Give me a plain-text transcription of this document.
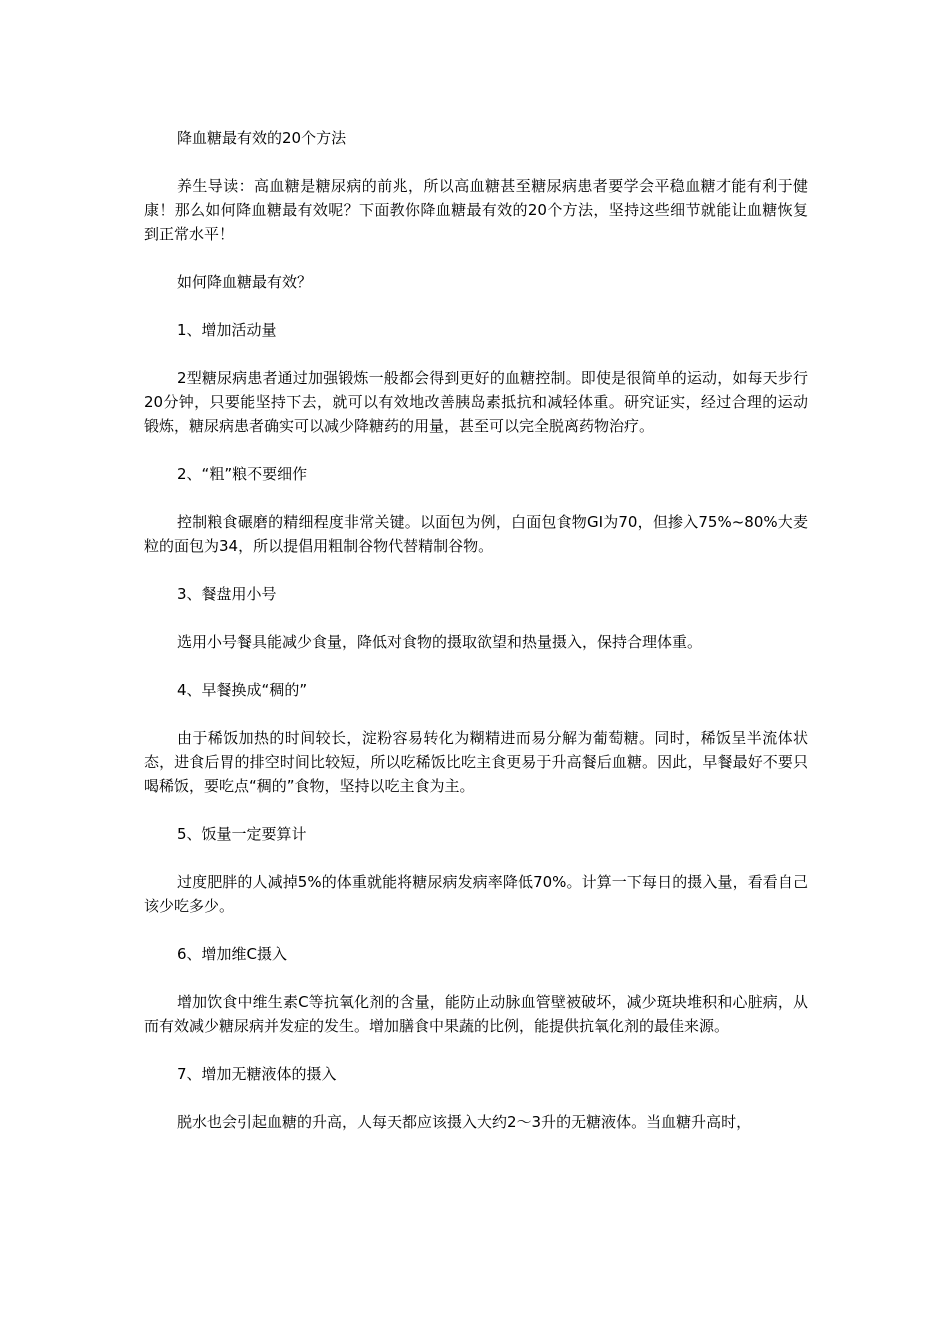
降血糖最有效的20个方法

养生导读：高血糖是糖尿病的前兆，所以高血糖甚至糖尿病患者要学会平稳血糖才能有利于健康！那么如何降血糖最有效呢？下面教你降血糖最有效的20个方法，坚持这些细节就能让血糖恢复到正常水平！

如何降血糖最有效？

1、增加活动量

2型糖尿病患者通过加强锻炼一般都会得到更好的血糖控制。即使是很简单的运动，如每天步行20分钟，只要能坚持下去，就可以有效地改善胰岛素抵抗和减轻体重。研究证实，经过合理的运动锻炼，糖尿病患者确实可以减少降糖药的用量，甚至可以完全脱离药物治疗。

2、“粗”粮不要细作

控制粮食碾磨的精细程度非常关键。以面包为例，白面包食物GI为70，但掺入75%~80%大麦粒的面包为34，所以提倡用粗制谷物代替精制谷物。

3、餐盘用小号

选用小号餐具能减少食量，降低对食物的摄取欲望和热量摄入，保持合理体重。

4、早餐换成“稠的”

由于稀饭加热的时间较长，淀粉容易转化为糊精进而易分解为葡萄糖。同时，稀饭呈半流体状态，进食后胃的排空时间比较短，所以吃稀饭比吃主食更易于升高餐后血糖。因此，早餐最好不要只喝稀饭，要吃点“稠的”食物，坚持以吃主食为主。

5、饭量一定要算计

过度肥胖的人减掉5%的体重就能将糖尿病发病率降低70%。计算一下每日的摄入量，看看自己该少吃多少。

6、增加维C摄入

增加饮食中维生素C等抗氧化剂的含量，能防止动脉血管壁被破坏，减少斑块堆积和心脏病，从而有效减少糖尿病并发症的发生。增加膳食中果蔬的比例，能提供抗氧化剂的最佳来源。

7、增加无糖液体的摄入

脱水也会引起血糖的升高，人每天都应该摄入大约2～3升的无糖液体。当血糖升高时，
